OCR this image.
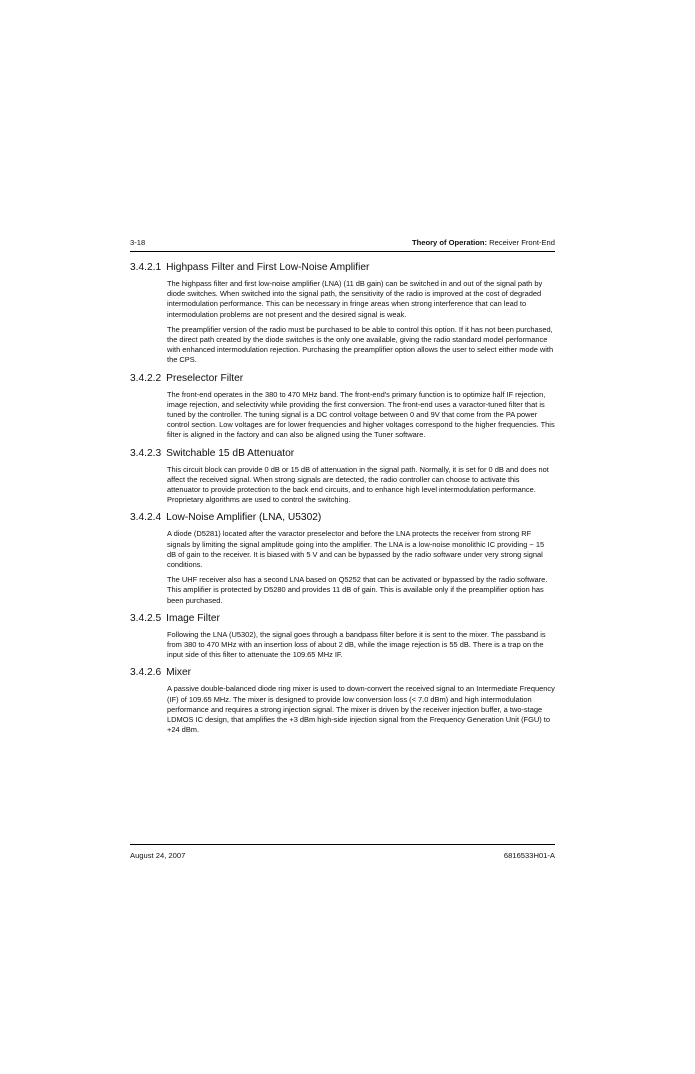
3-18	Theory of Operation: Receiver Front-End
3.4.2.1 Highpass Filter and First Low-Noise Amplifier

The highpass filter and first low-noise amplifier (LNA) (11 dB gain) can be switched in and out of the signal path by diode switches. When switched into the signal path, the sensitivity of the radio is improved at the cost of degraded intermodulation performance. This can be necessary in fringe areas when strong interference that can lead to intermodulation problems are not present and the desired signal is weak.

The preamplifier version of the radio must be purchased to be able to control this option. If it has not been purchased, the direct path created by the diode switches is the only one available, giving the radio standard model performance with enhanced intermodulation rejection. Purchasing the preamplifier option allows the user to select either mode with the CPS.

3.4.2.2 Preselector Filter

The front-end operates in the 380 to 470 MHz band. The front-end's primary function is to optimize half IF rejection, image rejection, and selectivity while providing the first conversion. The front-end uses a varactor-tuned filter that is tuned by the controller. The tuning signal is a DC control voltage between 0 and 9V that come from the PA power control section. Low voltages are for lower frequencies and higher voltages correspond to the higher frequencies. This filter is aligned in the factory and can also be aligned using the Tuner software.

3.4.2.3 Switchable 15 dB Attenuator

This circuit block can provide 0 dB or 15 dB of attenuation in the signal path. Normally, it is set for 0 dB and does not affect the received signal. When strong signals are detected, the radio controller can choose to activate this attenuator to provide protection to the back end circuits, and to enhance high level intermodulation performance. Proprietary algorithms are used to control the switching.

3.4.2.4 Low-Noise Amplifier (LNA, U5302)

A diode (D5281) located after the varactor preselector and before the LNA protects the receiver from strong RF signals by limiting the signal amplitude going into the amplifier. The LNA is a low-noise monolithic IC providing ~ 15 dB of gain to the receiver. It is biased with 5 V and can be bypassed by the radio software under very strong signal conditions.

The UHF receiver also has a second LNA based on Q5252 that can be activated or bypassed by the radio software. This amplifier is protected by D5280 and provides 11 dB of gain. This is available only if the preamplifier option has been purchased.

3.4.2.5 Image Filter

Following the LNA (U5302), the signal goes through a bandpass filter before it is sent to the mixer. The passband is from 380 to 470 MHz with an insertion loss of about 2 dB, while the image rejection is 55 dB. There is a trap on the input side of this filter to attenuate the 109.65 MHz IF.

3.4.2.6 Mixer

A passive double-balanced diode ring mixer is used to down-convert the received signal to an Intermediate Frequency (IF) of 109.65 MHz. The mixer is designed to provide low conversion loss (< 7.0 dBm) and high intermodulation performance and requires a strong injection signal. The mixer is driven by the receiver injection buffer, a two-stage LDMOS IC design, that amplifies the +3 dBm high-side injection signal from the Frequency Generation Unit (FGU) to +24 dBm.

August 24, 2007	6816533H01-A
